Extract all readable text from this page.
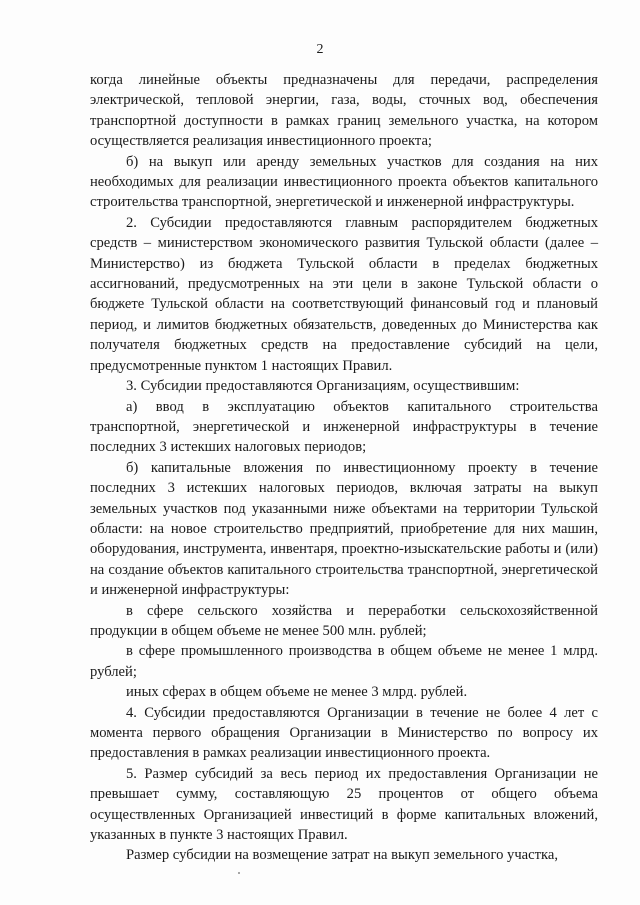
2

когда линейные объекты предназначены для передачи, распределения электрической, тепловой энергии, газа, воды, сточных вод, обеспечения транспортной доступности в рамках границ земельного участка, на котором осуществляется реализация инвестиционного проекта;

б) на выкуп или аренду земельных участков для создания на них необходимых для реализации инвестиционного проекта объектов капитального строительства транспортной, энергетической и инженерной инфраструктуры.

2. Субсидии предоставляются главным распорядителем бюджетных средств – министерством экономического развития Тульской области (далее – Министерство) из бюджета Тульской области в пределах бюджетных ассигнований, предусмотренных на эти цели в законе Тульской области о бюджете Тульской области на соответствующий финансовый год и плановый период, и лимитов бюджетных обязательств, доведенных до Министерства как получателя бюджетных средств на предоставление субсидий на цели, предусмотренные пунктом 1 настоящих Правил.

3. Субсидии предоставляются Организациям, осуществившим:

а) ввод в эксплуатацию объектов капитального строительства транспортной, энергетической и инженерной инфраструктуры в течение последних 3 истекших налоговых периодов;

б) капитальные вложения по инвестиционному проекту в течение последних 3 истекших налоговых периодов, включая затраты на выкуп земельных участков под указанными ниже объектами на территории Тульской области: на новое строительство предприятий, приобретение для них машин, оборудования, инструмента, инвентаря, проектно-изыскательские работы и (или) на создание объектов капитального строительства транспортной, энергетической и инженерной инфраструктуры:

в сфере сельского хозяйства и переработки сельскохозяйственной продукции в общем объеме не менее 500 млн. рублей;

в сфере промышленного производства в общем объеме не менее 1 млрд. рублей;

иных сферах в общем объеме не менее 3 млрд. рублей.

4. Субсидии предоставляются Организации в течение не более 4 лет с момента первого обращения Организации в Министерство по вопросу их предоставления в рамках реализации инвестиционного проекта.

5. Размер субсидий за весь период их предоставления Организации не превышает сумму, составляющую 25 процентов от общего объема осуществленных Организацией инвестиций в форме капитальных вложений, указанных в пункте 3 настоящих Правил.

Размер субсидии на возмещение затрат на выкуп земельного участка,
